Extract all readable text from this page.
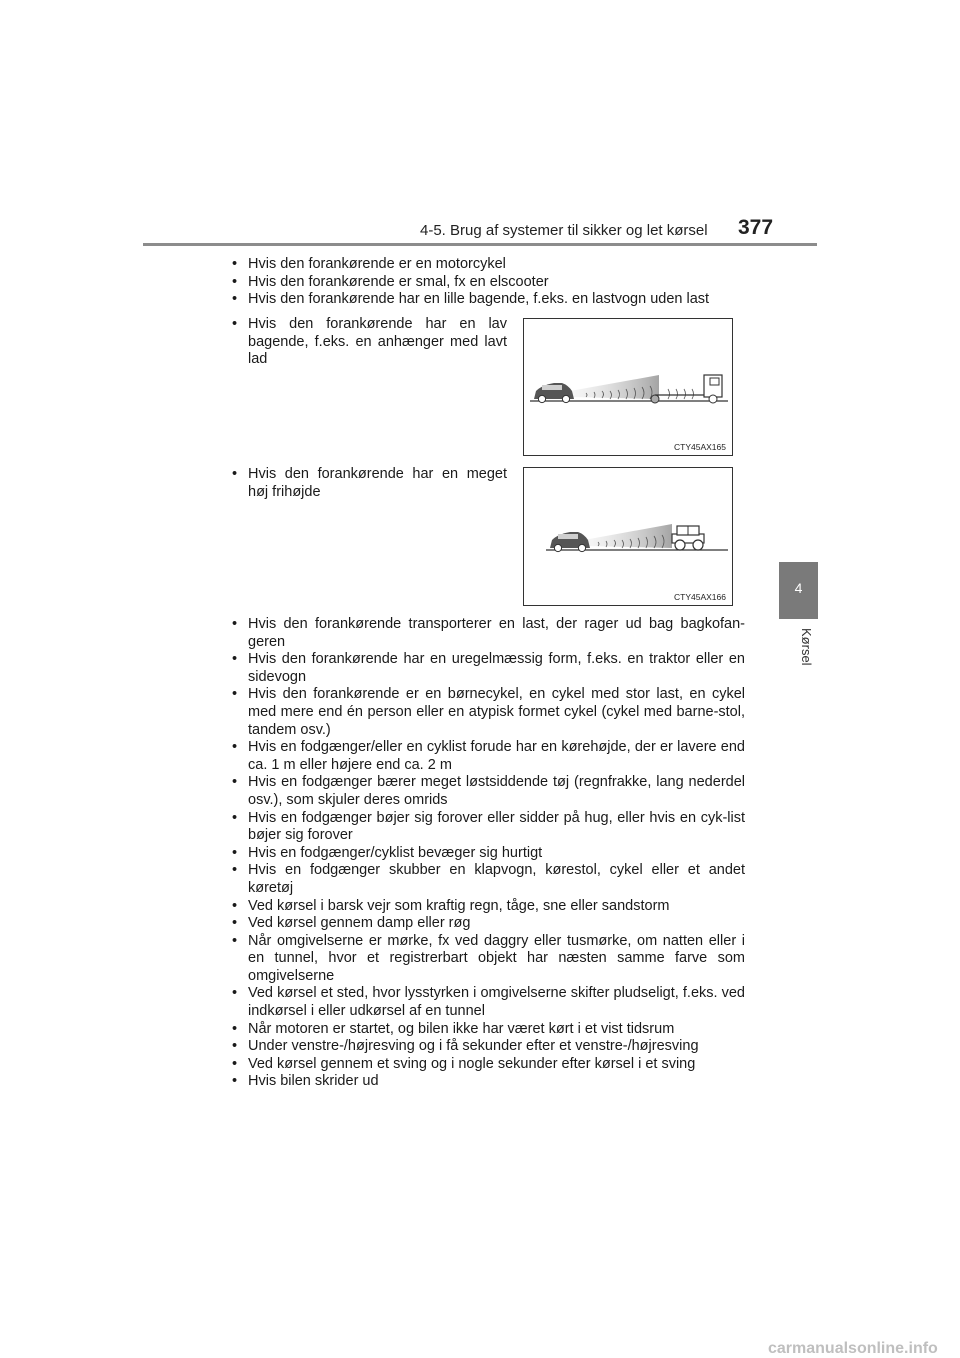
4-5. Brug af systemer til sikker og let kørsel 377
4
Kørsel
• Hvis den forankørende er en motorcykel
• Hvis den forankørende er smal, fx en elscooter
• Hvis den forankørende har en lille bagende, f.eks. en lastvogn uden last
• Hvis den forankørende har en lav bagende, f.eks. en anhænger med lavt lad
CTY45AX165
• Hvis den forankørende har en meget høj frihøjde
CTY45AX166
• Hvis den forankørende transporterer en last, der rager ud bag bagkofan-geren
• Hvis den forankørende har en uregelmæssig form, f.eks. en traktor eller en sidevogn
• Hvis den forankørende er en børnecykel, en cykel med stor last, en cykel med mere end én person eller en atypisk formet cykel (cykel med barne-stol, tandem osv.)
• Hvis en fodgænger/eller en cyklist forude har en kørehøjde, der er lavere end ca. 1 m eller højere end ca. 2 m
• Hvis en fodgænger bærer meget løstsiddende tøj (regnfrakke, lang nederdel osv.), som skjuler deres omrids
• Hvis en fodgænger bøjer sig forover eller sidder på hug, eller hvis en cyk-list bøjer sig forover
• Hvis en fodgænger/cyklist bevæger sig hurtigt
• Hvis en fodgænger skubber en klapvogn, kørestol, cykel eller et andet køretøj
• Ved kørsel i barsk vejr som kraftig regn, tåge, sne eller sandstorm
• Ved kørsel gennem damp eller røg
• Når omgivelserne er mørke, fx ved daggry eller tusmørke, om natten eller i en tunnel, hvor et registrerbart objekt har næsten samme farve som omgivelserne
• Ved kørsel et sted, hvor lysstyrken i omgivelserne skifter pludseligt, f.eks. ved indkørsel i eller udkørsel af en tunnel
• Når motoren er startet, og bilen ikke har været kørt i et vist tidsrum
• Under venstre-/højresving og i få sekunder efter et venstre-/højresving
• Ved kørsel gennem et sving og i nogle sekunder efter kørsel i et sving
• Hvis bilen skrider ud
carmanualsonline.info
